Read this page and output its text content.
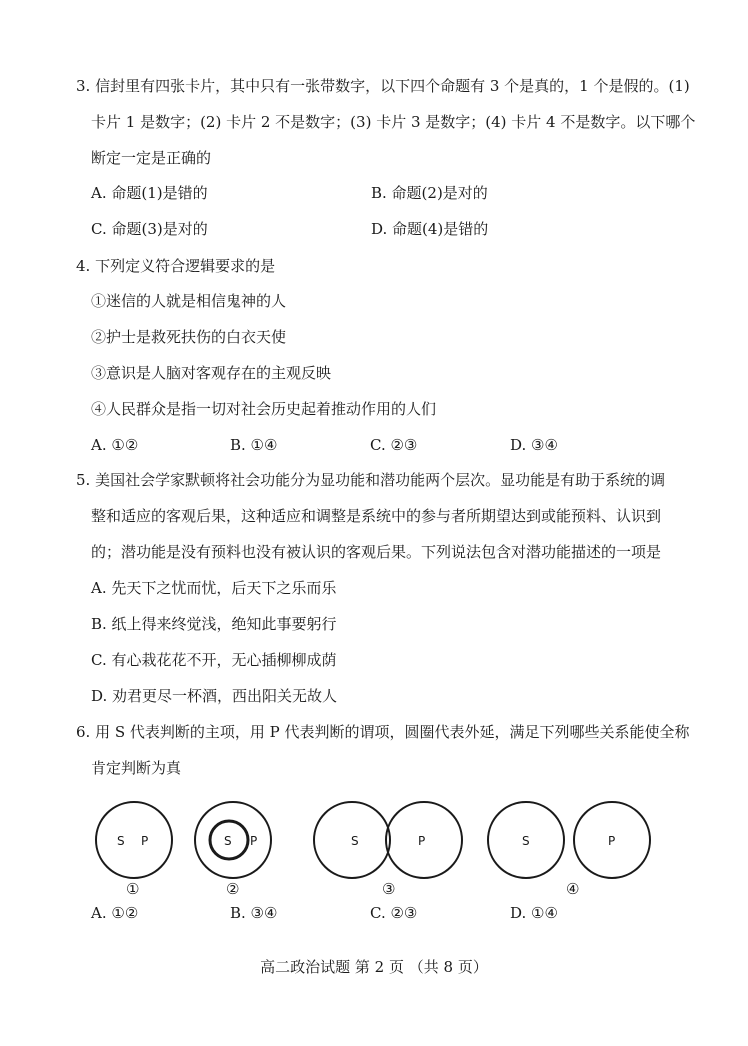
3. 信封里有四张卡片，其中只有一张带数字，以下四个命题有 3 个是真的，1 个是假的。(1)
卡片 1 是数字；(2) 卡片 2 不是数字；(3) 卡片 3 是数字；(4) 卡片 4 不是数字。以下哪个
断定一定是正确的
A. 命题(1)是错的	B. 命题(2)是对的
C. 命题(3)是对的	D. 命题(4)是错的
4. 下列定义符合逻辑要求的是
①迷信的人就是相信鬼神的人
②护士是救死扶伤的白衣天使
③意识是人脑对客观存在的主观反映
④人民群众是指一切对社会历史起着推动作用的人们
A. ①②	B. ①④	C. ②③	D. ③④
5. 美国社会学家默顿将社会功能分为显功能和潜功能两个层次。显功能是有助于系统的调
整和适应的客观后果，这种适应和调整是系统中的参与者所期望达到或能预料、认识到
的；潜功能是没有预料也没有被认识的客观后果。下列说法包含对潜功能描述的一项是
A. 先天下之忧而忧，后天下之乐而乐
B. 纸上得来终觉浅，绝知此事要躬行
C. 有心栽花花不开，无心插柳柳成荫
D. 劝君更尽一杯酒，西出阳关无故人
6. 用 S 代表判断的主项，用 P 代表判断的谓项，圆圈代表外延，满足下列哪些关系能使全称
肯定判断为真
S P	S P	S	P	S	P
①	②	③	④
A. ①②	B. ③④	C. ②③	D. ①④
高二政治试题 第 2 页 （共 8 页）
